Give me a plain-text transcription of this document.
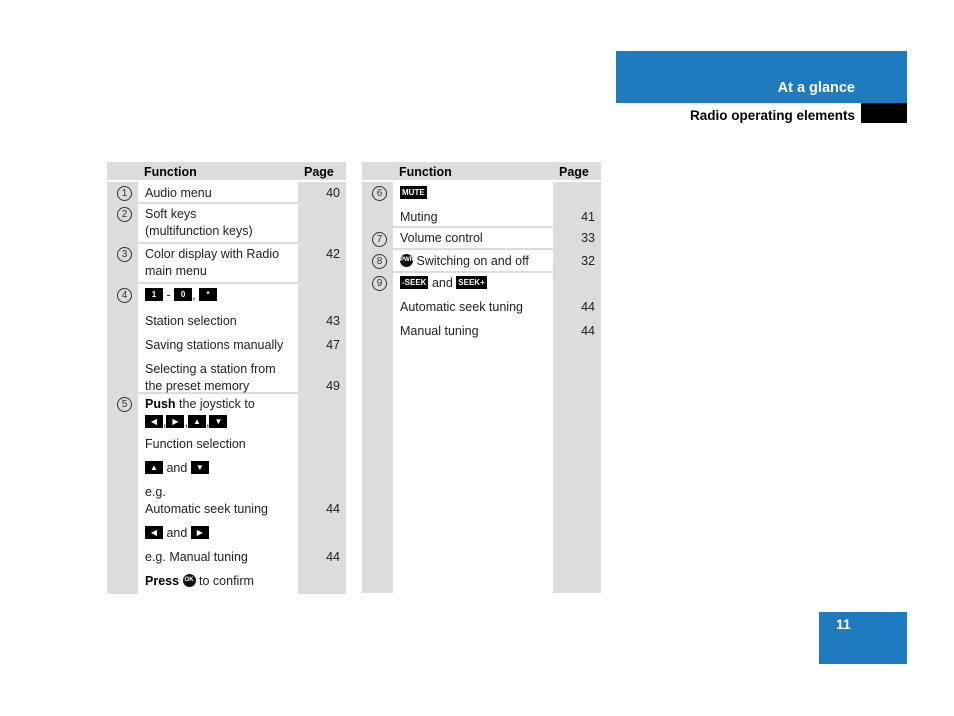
At a glance
Radio operating elements
Function	Page
1	Audio menu	40
2	Soft keys
(multifunction keys)
3	Color display with Radio	42
main menu
4	1 - 0 , *
Station selection	43
Saving stations manually	47
Selecting a station from
the preset memory	49
5	Push the joystick to
◀ , ▶ , ▲ , ▼
Function selection
▲ and ▼
e.g.
Automatic seek tuning	44
◀ and ▶
e.g. Manual tuning	44
Press OK to confirm
Function	Page
6	MUTE
Muting	41
7	Volume control	33
8	PWR Switching on and off	32
9	-SEEK and SEEK+
Automatic seek tuning	44
Manual tuning	44
11
